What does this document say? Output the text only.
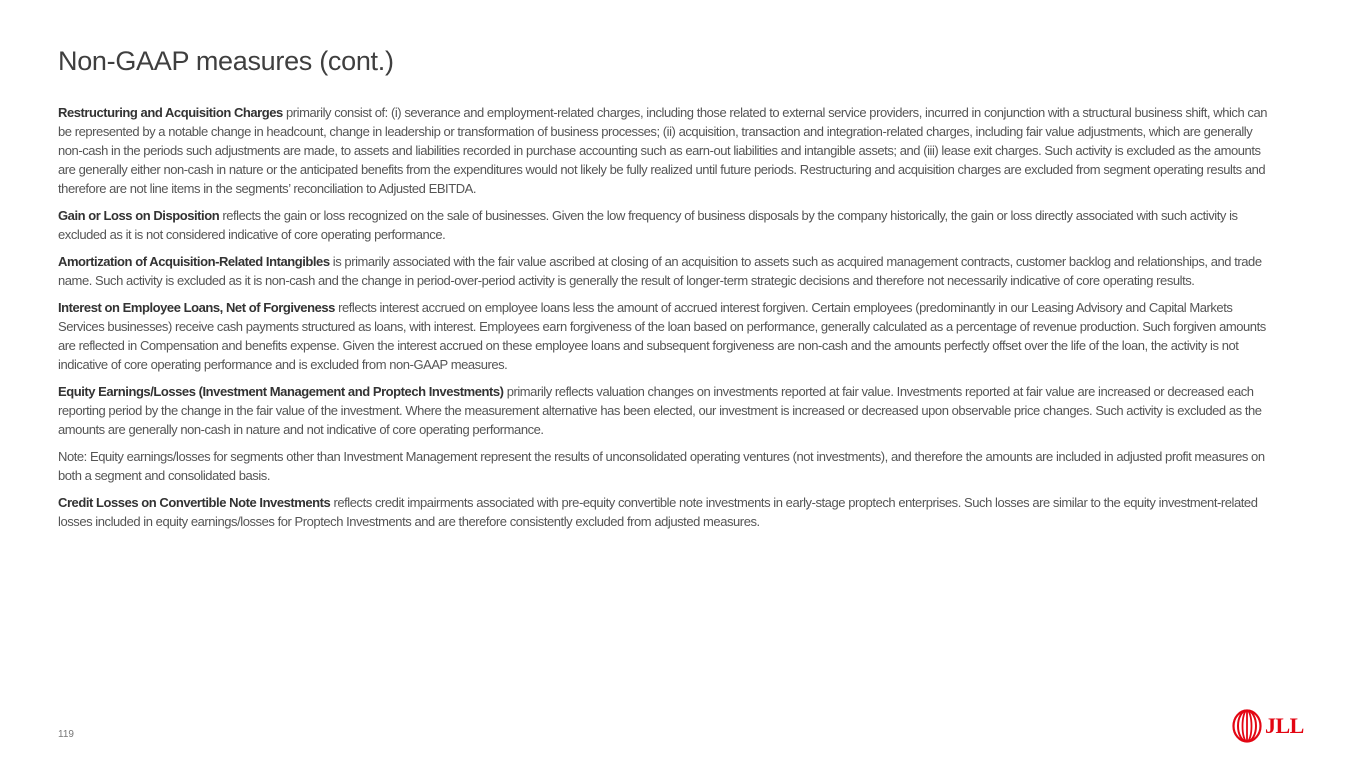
Non-GAAP measures (cont.)

Restructuring and Acquisition Charges primarily consist of: (i) severance and employment-related charges, including those related to external service providers, incurred in conjunction with a structural business shift, which can be represented by a notable change in headcount, change in leadership or transformation of business processes; (ii) acquisition, transaction and integration-related charges, including fair value adjustments, which are generally non-cash in the periods such adjustments are made, to assets and liabilities recorded in purchase accounting such as earn-out liabilities and intangible assets; and (iii) lease exit charges. Such activity is excluded as the amounts are generally either non-cash in nature or the anticipated benefits from the expenditures would not likely be fully realized until future periods. Restructuring and acquisition charges are excluded from segment operating results and therefore are not line items in the segments’ reconciliation to Adjusted EBITDA.

Gain or Loss on Disposition reflects the gain or loss recognized on the sale of businesses. Given the low frequency of business disposals by the company historically, the gain or loss directly associated with such activity is excluded as it is not considered indicative of core operating performance.

Amortization of Acquisition-Related Intangibles is primarily associated with the fair value ascribed at closing of an acquisition to assets such as acquired management contracts, customer backlog and relationships, and trade name. Such activity is excluded as it is non-cash and the change in period-over-period activity is generally the result of longer-term strategic decisions and therefore not necessarily indicative of core operating results.

Interest on Employee Loans, Net of Forgiveness reflects interest accrued on employee loans less the amount of accrued interest forgiven. Certain employees (predominantly in our Leasing Advisory and Capital Markets Services businesses) receive cash payments structured as loans, with interest. Employees earn forgiveness of the loan based on performance, generally calculated as a percentage of revenue production. Such forgiven amounts are reflected in Compensation and benefits expense. Given the interest accrued on these employee loans and subsequent forgiveness are non-cash and the amounts perfectly offset over the life of the loan, the activity is not indicative of core operating performance and is excluded from non-GAAP measures.

Equity Earnings/Losses (Investment Management and Proptech Investments) primarily reflects valuation changes on investments reported at fair value. Investments reported at fair value are increased or decreased each reporting period by the change in the fair value of the investment. Where the measurement alternative has been elected, our investment is increased or decreased upon observable price changes. Such activity is excluded as the amounts are generally non-cash in nature and not indicative of core operating performance.

Note: Equity earnings/losses for segments other than Investment Management represent the results of unconsolidated operating ventures (not investments), and therefore the amounts are included in adjusted profit measures on both a segment and consolidated basis.

Credit Losses on Convertible Note Investments reflects credit impairments associated with pre-equity convertible note investments in early-stage proptech enterprises. Such losses are similar to the equity investment-related losses included in equity earnings/losses for Proptech Investments and are therefore consistently excluded from adjusted measures.

119	JLL
